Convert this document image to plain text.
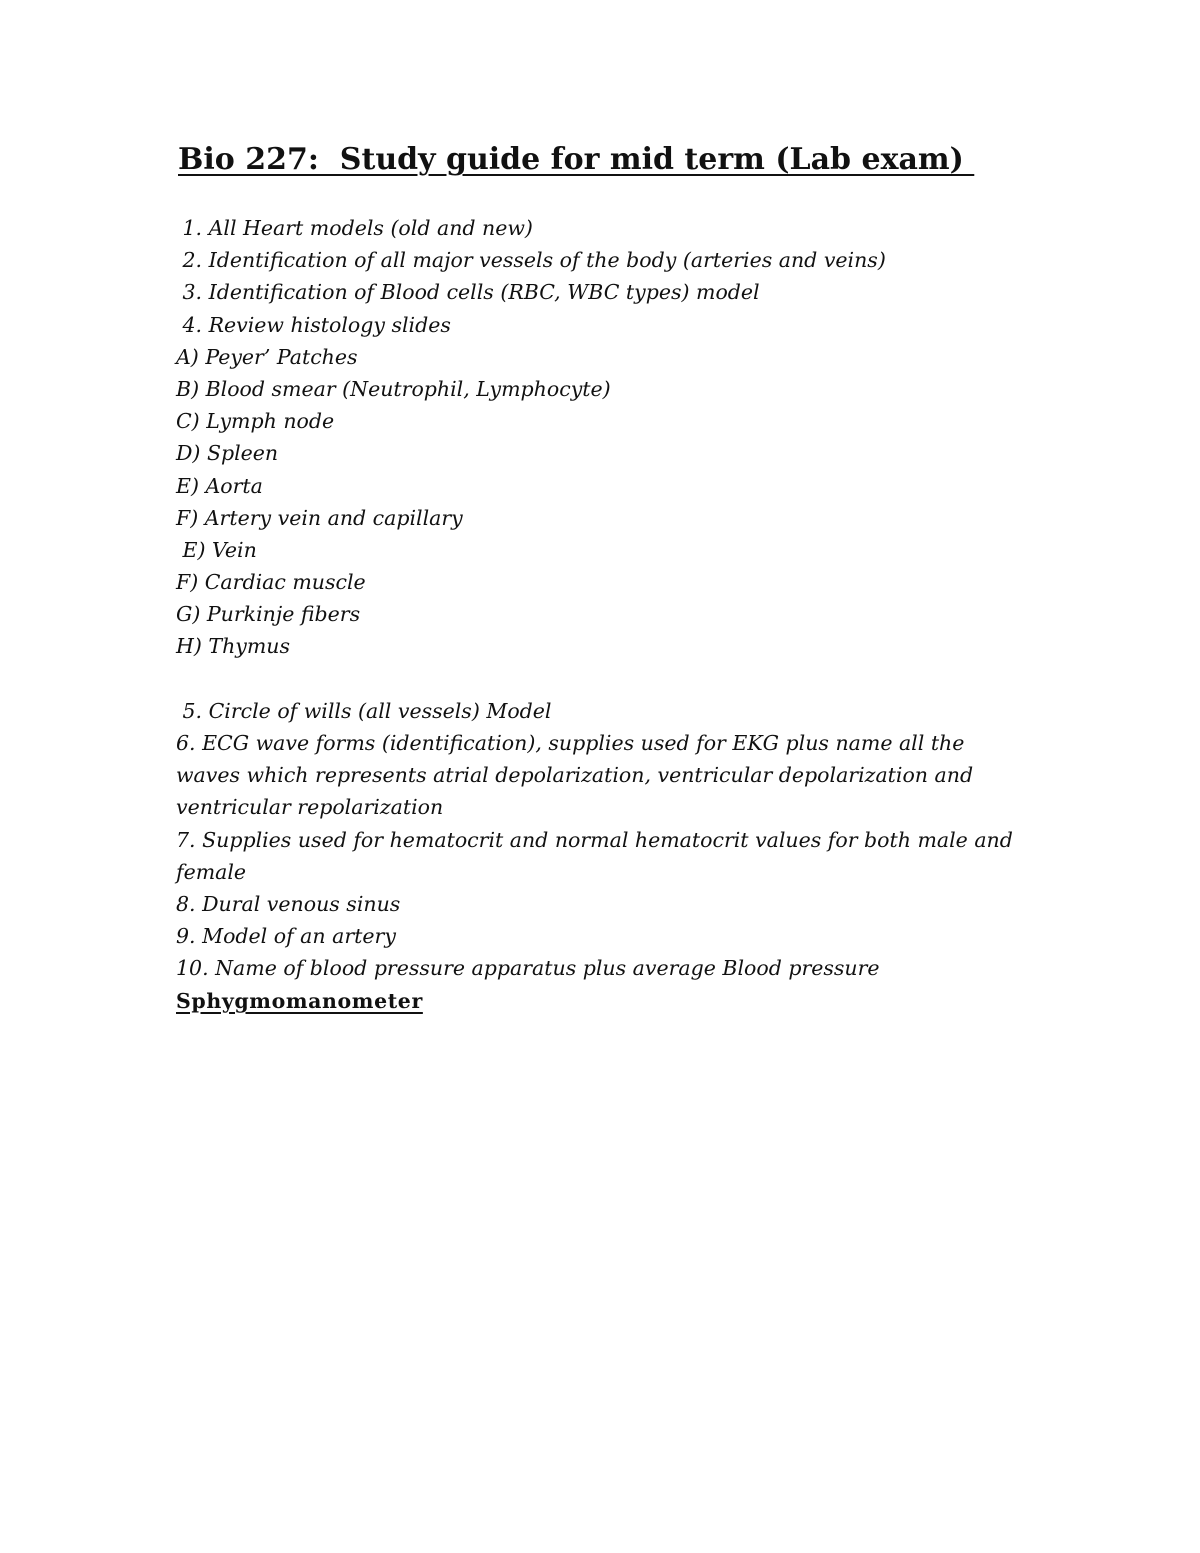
Bio 227:  Study guide for mid term (Lab exam)
1. All Heart models (old and new)
2. Identification of all major vessels of the body (arteries and veins)
3. Identification of Blood cells (RBC, WBC types) model
4. Review histology slides
A) Peyer’ Patches
B) Blood smear (Neutrophil, Lymphocyte)
C) Lymph node
D) Spleen
E) Aorta
F) Artery vein and capillary
E) Vein
F) Cardiac muscle
G) Purkinje fibers
H) Thymus
5. Circle of wills (all vessels) Model
6. ECG wave forms (identification), supplies used for EKG plus name all the waves which represents atrial depolarization, ventricular depolarization and ventricular repolarization
7. Supplies used for hematocrit and normal hematocrit values for both male and female
8. Dural venous sinus
9. Model of an artery
10. Name of blood pressure apparatus plus average Blood pressure
Sphygmomanometer
